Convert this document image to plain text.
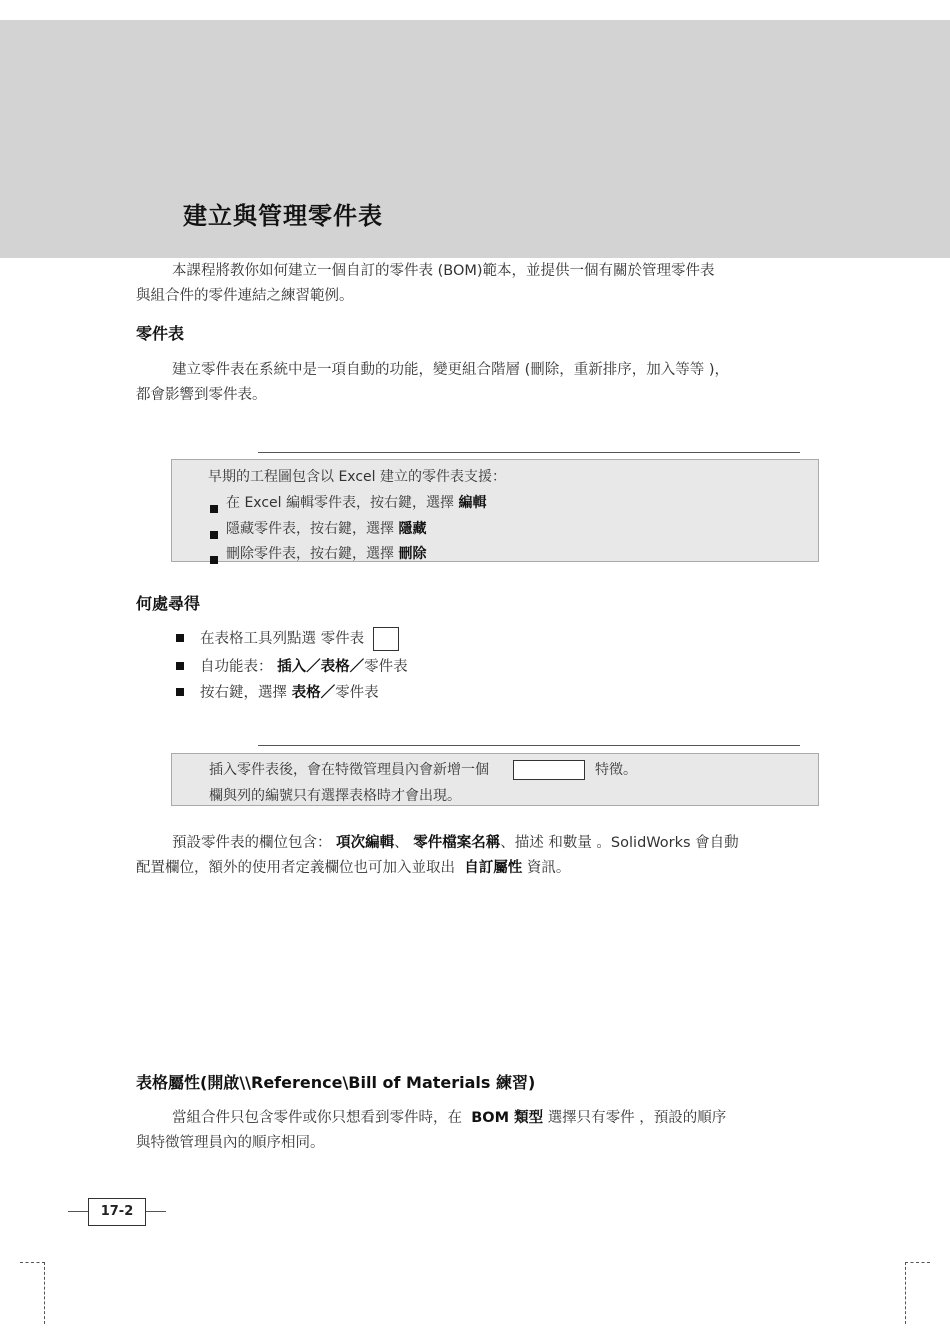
建立與管理零件表
本課程將教你如何建立一個自訂的零件表 (BOM)範本，並提供一個有關於管理零件表
與組合件的零件連結之練習範例。
零件表
建立零件表在系統中是一項自動的功能，變更組合階層 (刪除，重新排序，加入等等 )，
都會影響到零件表。
早期的工程圖包含以 Excel 建立的零件表支援：
在 Excel 編輯零件表，按右鍵，選擇 編輯
隱藏零件表，按右鍵，選擇 隱藏
刪除零件表，按右鍵，選擇 刪除
何處尋得
在表格工具列點選 零件表
自功能表： 插入／表格／零件表
按右鍵，選擇 表格／零件表
插入零件表後，會在特徵管理員內會新增一個	特徵。
欄與列的編號只有選擇表格時才會出現。
預設零件表的欄位包含： 項次編輯、 零件檔案名稱、描述 和數量 。SolidWorks 會自動
配置欄位，額外的使用者定義欄位也可加入並取出 自訂屬性 資訊。
表格屬性(開啟\\Reference\Bill of Materials 練習)
當組合件只包含零件或你只想看到零件時，在 BOM 類型 選擇只有零件 ，預設的順序
與特徵管理員內的順序相同。
17-2
